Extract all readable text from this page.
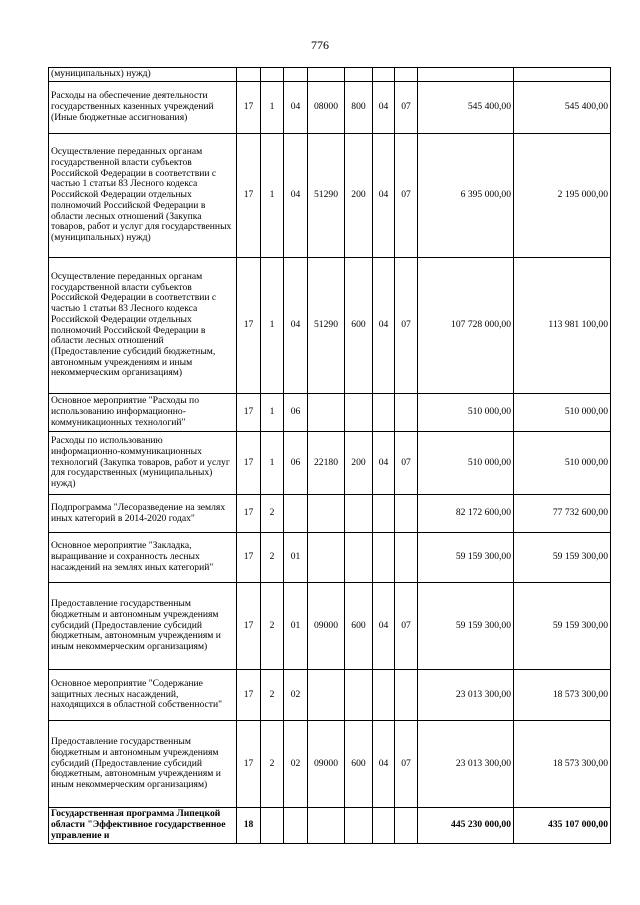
776
(муниципальных) нужд)									
Расходы на обеспечение деятельности государственных казенных учреждений (Иные бюджетные ассигнования)	17	1	04	08000	800	04	07	545 400,00	545 400,00
Осуществление переданных органам государственной власти субъектов Российской Федерации в соответствии с частью 1 статьи 83 Лесного кодекса Российской Федерации отдельных полномочий Российской Федерации в области лесных отношений (Закупка товаров, работ и услуг для государственных (муниципальных) нужд)	17	1	04	51290	200	04	07	6 395 000,00	2 195 000,00
Осуществление переданных органам государственной власти субъектов Российской Федерации в соответствии с частью 1 статьи 83 Лесного кодекса Российской Федерации отдельных полномочий Российской Федерации в области лесных отношений (Предоставление субсидий бюджетным, автономным учреждениям и иным некоммерческим организациям)	17	1	04	51290	600	04	07	107 728 000,00	113 981 100,00
Основное мероприятие "Расходы по использованию информационно-коммуникационных технологий"	17	1	06					510 000,00	510 000,00
Расходы по использованию информационно-коммуникационных технологий (Закупка товаров, работ и услуг для государственных (муниципальных) нужд)	17	1	06	22180	200	04	07	510 000,00	510 000,00
Подпрограмма "Лесоразведение на землях иных категорий в 2014-2020 годах"	17	2						82 172 600,00	77 732 600,00
Основное мероприятие "Закладка, выращивание и сохранность лесных насаждений на землях иных категорий"	17	2	01					59 159 300,00	59 159 300,00
Предоставление государственным бюджетным и автономным учреждениям субсидий (Предоставление субсидий бюджетным, автономным учреждениям и иным некоммерческим организациям)	17	2	01	09000	600	04	07	59 159 300,00	59 159 300,00
Основное мероприятие "Содержание защитных лесных насаждений, находящихся в областной собственности"	17	2	02					23 013 300,00	18 573 300,00
Предоставление государственным бюджетным и автономным учреждениям субсидий (Предоставление субсидий бюджетным, автономным учреждениям и иным некоммерческим организациям)	17	2	02	09000	600	04	07	23 013 300,00	18 573 300,00
Государственная программа Липецкой области "Эффективное государственное управление и	18							445 230 000,00	435 107 000,00
